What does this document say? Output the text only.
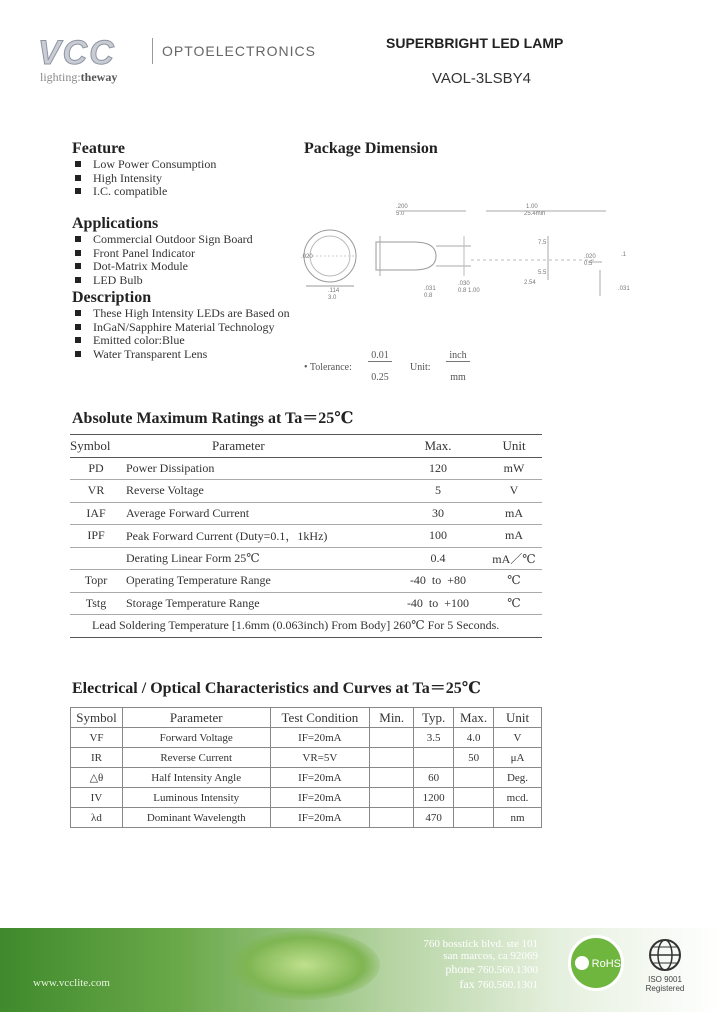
VCC	OPTOELECTRONICS
lighting:theway
SUPERBRIGHT LED LAMP
VAOL-3LSBY4
Feature
Low Power Consumption
High Intensity
I.C. compatible
Applications
Commercial Outdoor Sign Board
Front Panel Indicator
Dot-Matrix Module
LED Bulb
Description
These High Intensity LEDs are Based on
InGaN/Sapphire Material Technology
Emitted color:Blue
Water Transparent Lens
Package Dimension
.114
3.0
.020
.200
5.0
.031
0.8
.030
0.8 1.00
1.00
25.4min
7.5
5.5
2.54
.020
0.5
.1
.031
• Tolerance:
0.01
0.25
Unit:
inch
mm
Absolute Maximum Ratings at Ta＝25℃
Symbol	Parameter	Max.	Unit
PD	Power Dissipation	120	mW
VR	Reverse Voltage	5	V
IAF	Average Forward Current	30	mA
IPF	Peak Forward Current (Duty=0.1，1kHz)	100	mA
	Derating Linear Form 25℃	0.4	mA／℃
Topr	Operating Temperature Range	-40  to  +80	℃
Tstg	Storage Temperature Range	-40  to  +100	℃
Lead Soldering Temperature [1.6mm (0.063inch) From Body] 260℃ For 5 Seconds.			
Electrical / Optical Characteristics and Curves at Ta＝25℃
Symbol	Parameter	Test Condition	Min.	Typ.	Max.	Unit
VF	Forward Voltage	IF=20mA		3.5	4.0	V
IR	Reverse Current	VR=5V			50	μA
△θ	Half Intensity Angle	IF=20mA		60		Deg.
IV	Luminous Intensity	IF=20mA		1200		mcd.
λd	Dominant Wavelength	IF=20mA		470		nm
www.vcclite.com
760 bosstick blvd. ste 101
san marcos, ca 92069
phone 760.560.1300
fax 760.560.1301
RoHS
ISO 9001
Registered
